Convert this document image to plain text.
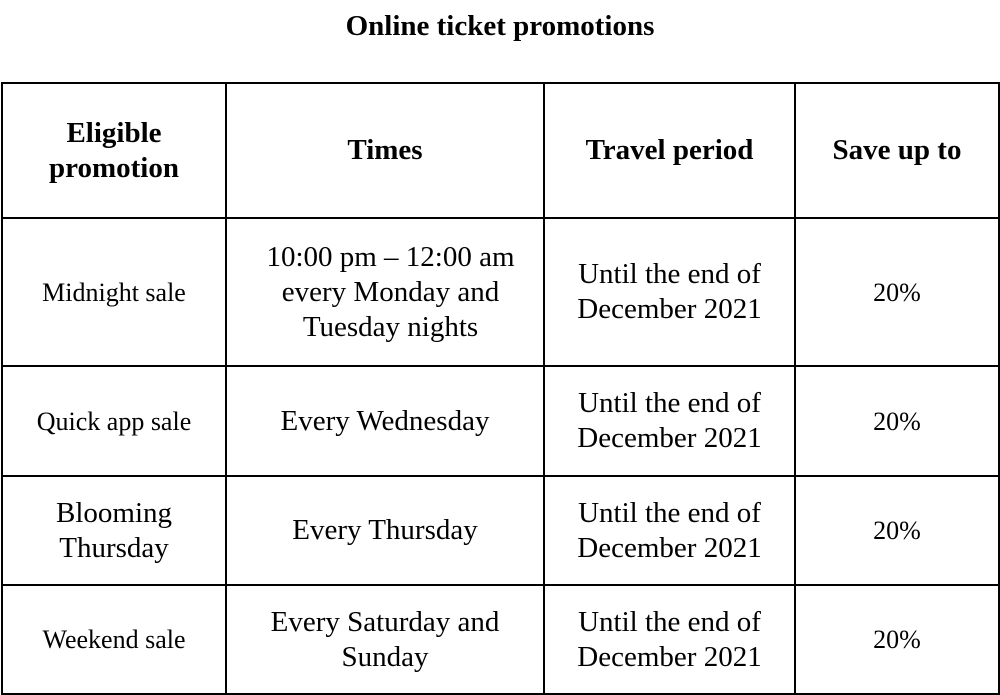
Online ticket promotions
Eligible promotion	Times	Travel period	Save up to
Midnight sale	10:00 pm – 12:00 am every Monday and Tuesday nights	Until the end of December 2021	20%
Quick app sale	Every Wednesday	Until the end of December 2021	20%
Blooming Thursday	Every Thursday	Until the end of December 2021	20%
Weekend sale	Every Saturday and Sunday	Until the end of December 2021	20%
